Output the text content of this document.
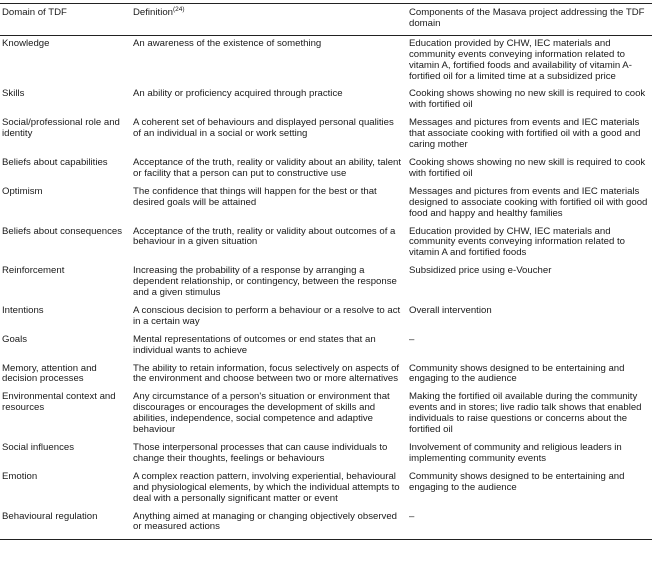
Domain of TDF	Definition$^{(24)}$	Components of the Masava project addressing the TDF domain
Knowledge	An awareness of the existence of something	Education provided by CHW, IEC materials and community events conveying information related to vitamin A, fortified foods and availability of vitamin A-fortified oil for a limited time at a subsidized price
Skills	An ability or proficiency acquired through practice	Cooking shows showing no new skill is required to cook with fortified oil
Social/professional role and identity	A coherent set of behaviours and displayed personal qualities of an individual in a social or work setting	Messages and pictures from events and IEC materials that associate cooking with fortified oil with a good and caring mother
Beliefs about capabilities	Acceptance of the truth, reality or validity about an ability, talent or facility that a person can put to constructive use	Cooking shows showing no new skill is required to cook with fortified oil
Optimism	The confidence that things will happen for the best or that desired goals will be attained	Messages and pictures from events and IEC materials designed to associate cooking with fortified oil with good food and happy and healthy families
Beliefs about consequences	Acceptance of the truth, reality or validity about outcomes of a behaviour in a given situation	Education provided by CHW, IEC materials and community events conveying information related to vitamin A and fortified foods
Reinforcement	Increasing the probability of a response by arranging a dependent relationship, or contingency, between the response and a given stimulus	Subsidized price using e-Voucher
Intentions	A conscious decision to perform a behaviour or a resolve to act in a certain way	Overall intervention
Goals	Mental representations of outcomes or end states that an individual wants to achieve	–
Memory, attention and decision processes	The ability to retain information, focus selectively on aspects of the environment and choose between two or more alternatives	Community shows designed to be entertaining and engaging to the audience
Environmental context and resources	Any circumstance of a person's situation or environment that discourages or encourages the development of skills and abilities, independence, social competence and adaptive behaviour	Making the fortified oil available during the community events and in stores; live radio talk shows that enabled individuals to raise questions or concerns about the fortified oil
Social influences	Those interpersonal processes that can cause individuals to change their thoughts, feelings or behaviours	Involvement of community and religious leaders in implementing community events
Emotion	A complex reaction pattern, involving experiential, behavioural and physiological elements, by which the individual attempts to deal with a personally significant matter or event	Community shows designed to be entertaining and engaging to the audience
Behavioural regulation	Anything aimed at managing or changing objectively observed or measured actions	–
